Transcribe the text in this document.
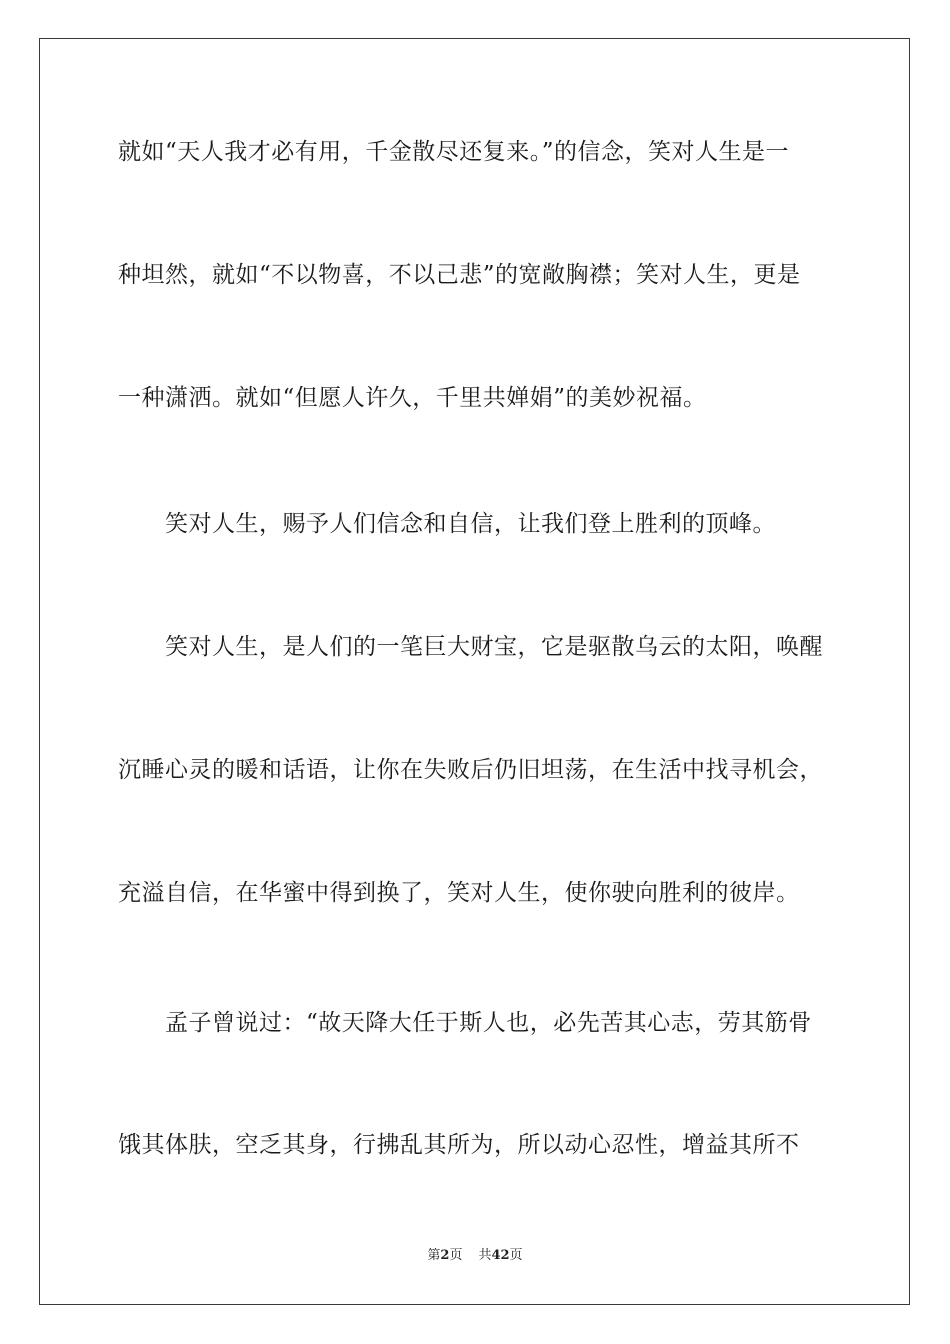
就如“天人我才必有用，千金散尽还复来。”的信念，笑对人生是一
种坦然，就如“不以物喜，不以己悲”的宽敞胸襟；笑对人生，更是
一种潇洒。就如“但愿人许久，千里共婵娟”的美妙祝福。
笑对人生，赐予人们信念和自信，让我们登上胜利的顶峰。
笑对人生，是人们的一笔巨大财宝，它是驱散乌云的太阳，唤醒
沉睡心灵的暖和话语，让你在失败后仍旧坦荡，在生活中找寻机会，
充溢自信，在华蜜中得到换了，笑对人生，使你驶向胜利的彼岸。
孟子曾说过：“故天降大任于斯人也，必先苦其心志，劳其筋骨
饿其体肤，空乏其身，行拂乱其所为，所以动心忍性，增益其所不
第2页 共42页
